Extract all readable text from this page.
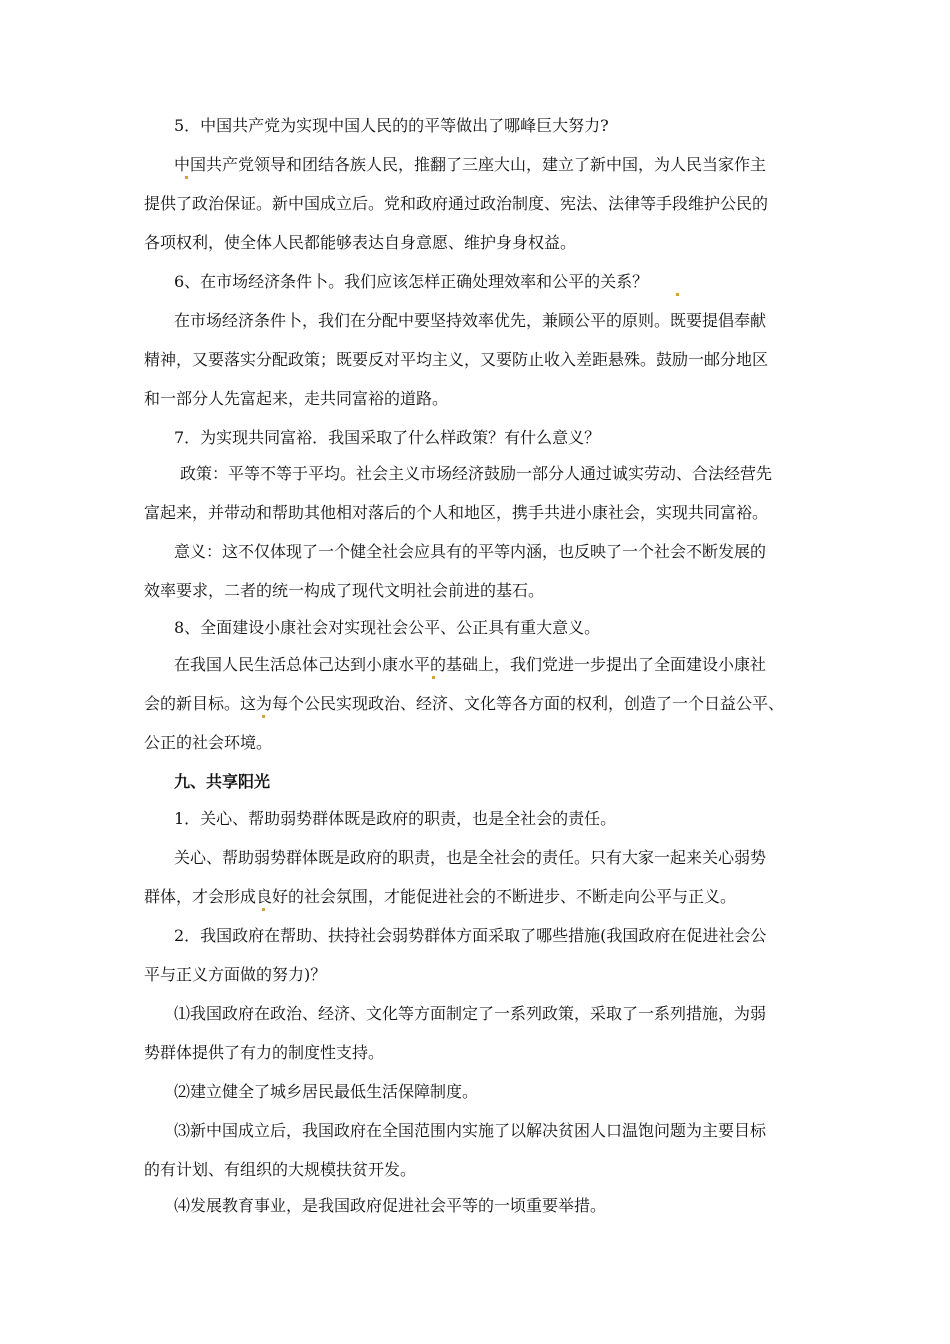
5．中国共产党为实现中国人民的的平等做出了哪峰巨大努力?
中国共产党领导和团结各族人民，推翻了三座大山，建立了新中国，为人民当家作主
提供了政治保证。新中国成立后。党和政府通过政治制度、宪法、法律等手段维护公民的
各项权利，使全体人民都能够表达自身意愿、维护身身权益。
6、在市场经济条件卜。我们应该怎样正确处理效率和公平的关系？
在市场经济条件卜，我们在分配中要坚持效率优先，兼顾公平的原则。既要提倡奉献
精神，又要落实分配政策；既要反对平均主义，又要防止收入差距悬殊。鼓励一邮分地区
和一部分人先富起来，走共同富裕的道路。
7．为实现共同富裕．我国采取了什么样政策？有什么意义？
政策：平等不等于平均。社会主义市场经济鼓励一部分人通过诚实劳动、合法经营先
富起来，并带动和帮助其他相对落后的个人和地区，携手共进小康社会，实现共同富裕。
意义：这不仅体现了一个健全社会应具有的平等内涵，也反映了一个社会不断发展的
效率要求，二者的统一构成了现代文明社会前进的基石。
8、全面建设小康社会对实现社会公平、公正具有重大意义。
在我国人民生活总体己达到小康水平的基础上，我们党进一步提出了全面建设小康社
会的新目标。这为每个公民实现政治、经济、文化等各方面的权利，创造了一个日益公平、
公正的社会环境。
九、共享阳光
1．关心、帮助弱势群体既是政府的职责，也是全社会的责任。
关心、帮助弱势群体既是政府的职责，也是全社会的责任。只有大家一起来关心弱势
群体，才会形成良好的社会氛围，才能促进社会的不断进步、不断走向公平与正义。
2．我国政府在帮助、扶持社会弱势群体方面采取了哪些措施(我国政府在促进社会公
平与正义方面做的努力)？
⑴我国政府在政治、经济、文化等方面制定了一系列政策，采取了一系列措施，为弱
势群体提供了有力的制度性支持。
⑵建立健全了城乡居民最低生活保障制度。
⑶新中国成立后，我国政府在全国范围内实施了以解决贫困人口温饱问题为主要目标
的有计划、有组织的大规模扶贫开发。
⑷发展教育事业，是我国政府促进社会平等的一顷重要举措。
